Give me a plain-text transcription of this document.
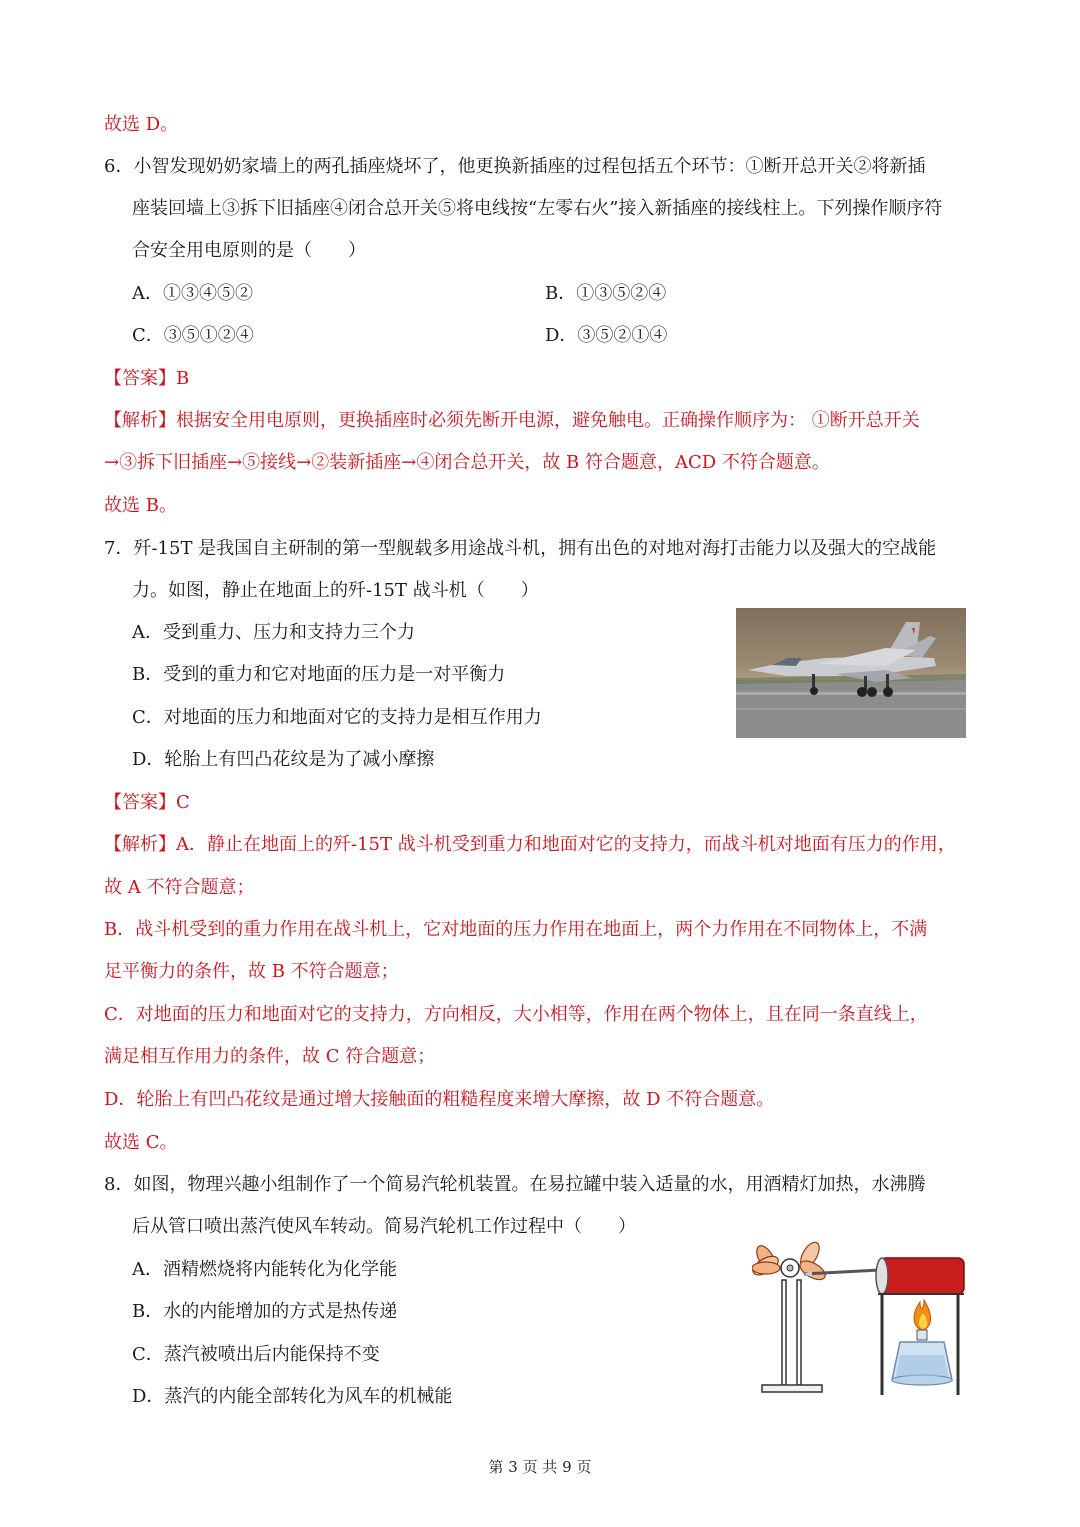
故选 D。
6．小智发现奶奶家墙上的两孔插座烧坏了，他更换新插座的过程包括五个环节：①断开总开关②将新插
座装回墙上③拆下旧插座④闭合总开关⑤将电线按“左零右火”接入新插座的接线柱上。下列操作顺序符
合安全用电原则的是（　　）
A．①③④⑤②	B．①③⑤②④
C．③⑤①②④	D．③⑤②①④
【答案】B
【解析】根据安全用电原则，更换插座时必须先断开电源，避免触电。正确操作顺序为： ①断开总开关
→③拆下旧插座→⑤接线→②装新插座→④闭合总开关，故 B 符合题意，ACD 不符合题意。
故选 B。
7．歼-15T 是我国自主研制的第一型舰载多用途战斗机，拥有出色的对地对海打击能力以及强大的空战能
力。如图，静止在地面上的歼-15T 战斗机（　　）
A．受到重力、压力和支持力三个力
B．受到的重力和它对地面的压力是一对平衡力
C．对地面的压力和地面对它的支持力是相互作用力
D．轮胎上有凹凸花纹是为了减小摩擦
【答案】C
【解析】A．静止在地面上的歼-15T 战斗机受到重力和地面对它的支持力，而战斗机对地面有压力的作用，
故 A 不符合题意；
B．战斗机受到的重力作用在战斗机上，它对地面的压力作用在地面上，两个力作用在不同物体上，不满
足平衡力的条件，故 B 不符合题意；
C．对地面的压力和地面对它的支持力，方向相反，大小相等，作用在两个物体上，且在同一条直线上，
满足相互作用力的条件，故 C 符合题意；
D．轮胎上有凹凸花纹是通过增大接触面的粗糙程度来增大摩擦，故 D 不符合题意。
故选 C。
8．如图，物理兴趣小组制作了一个简易汽轮机装置。在易拉罐中装入适量的水，用酒精灯加热，水沸腾
后从管口喷出蒸汽使风车转动。简易汽轮机工作过程中（　　）
A．酒精燃烧将内能转化为化学能
B．水的内能增加的方式是热传递
C．蒸汽被喷出后内能保持不变
D．蒸汽的内能全部转化为风车的机械能
第 3 页 共 9 页
